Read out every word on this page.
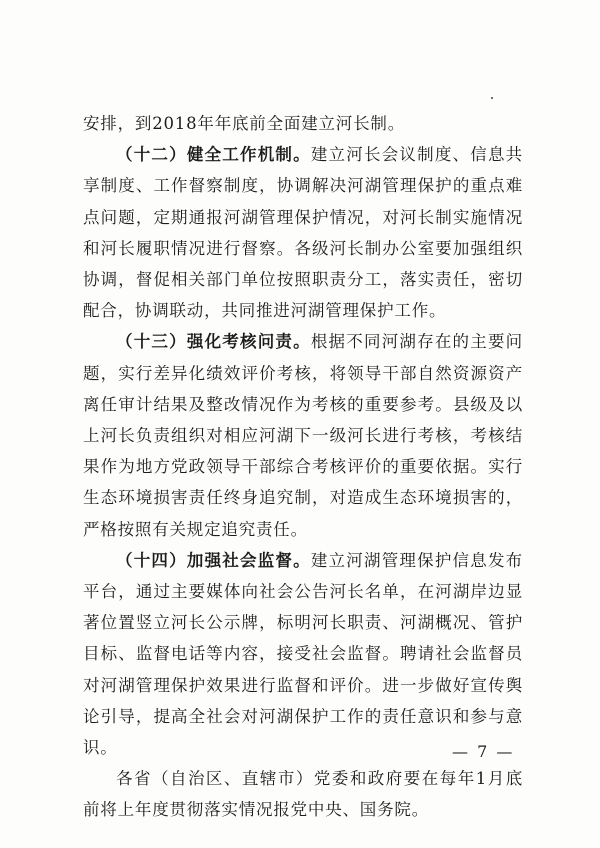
安排，到2018年年底前全面建立河长制。

（十二）健全工作机制。建立河长会议制度、信息共享制度、工作督察制度，协调解决河湖管理保护的重点难点问题，定期通报河湖管理保护情况，对河长制实施情况和河长履职情况进行督察。各级河长制办公室要加强组织协调，督促相关部门单位按照职责分工，落实责任，密切配合，协调联动，共同推进河湖管理保护工作。

（十三）强化考核问责。根据不同河湖存在的主要问题，实行差异化绩效评价考核，将领导干部自然资源资产离任审计结果及整改情况作为考核的重要参考。县级及以上河长负责组织对相应河湖下一级河长进行考核，考核结果作为地方党政领导干部综合考核评价的重要依据。实行生态环境损害责任终身追究制，对造成生态环境损害的，严格按照有关规定追究责任。

（十四）加强社会监督。建立河湖管理保护信息发布平台，通过主要媒体向社会公告河长名单，在河湖岸边显著位置竖立河长公示牌，标明河长职责、河湖概况、管护目标、监督电话等内容，接受社会监督。聘请社会监督员对河湖管理保护效果进行监督和评价。进一步做好宣传舆论引导，提高全社会对河湖保护工作的责任意识和参与意识。

各省（自治区、直辖市）党委和政府要在每年1月底前将上年度贯彻落实情况报党中央、国务院。

— 7 —
